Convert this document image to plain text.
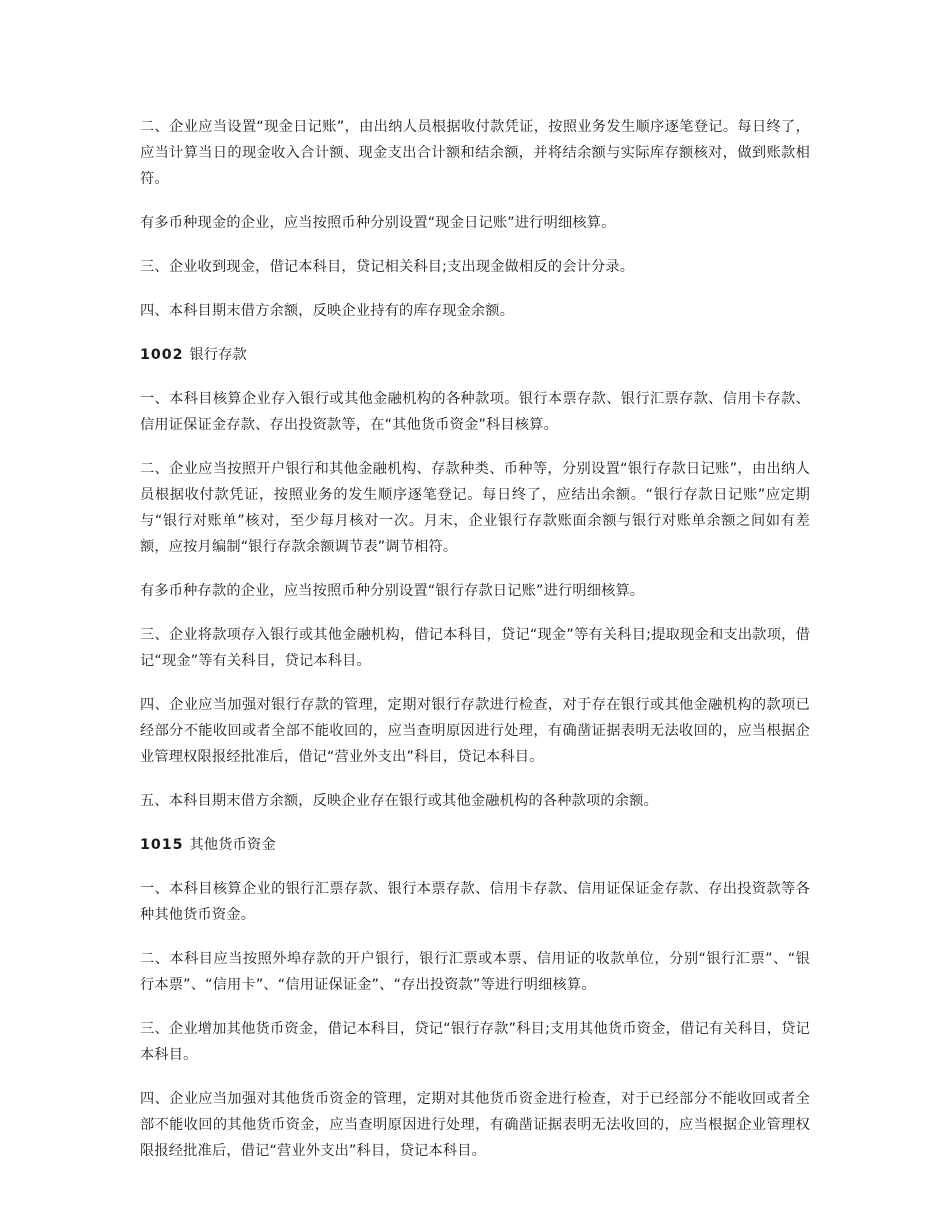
二、企业应当设置“现金日记账”，由出纳人员根据收付款凭证，按照业务发生顺序逐笔登记。每日终了，应当计算当日的现金收入合计额、现金支出合计额和结余额，并将结余额与实际库存额核对，做到账款相符。

有多币种现金的企业，应当按照币种分别设置“现金日记账”进行明细核算。

三、企业收到现金，借记本科目，贷记相关科目;支出现金做相反的会计分录。

四、本科目期末借方余额，反映企业持有的库存现金余额。

1002 银行存款

一、本科目核算企业存入银行或其他金融机构的各种款项。银行本票存款、银行汇票存款、信用卡存款、信用证保证金存款、存出投资款等，在“其他货币资金”科目核算。

二、企业应当按照开户银行和其他金融机构、存款种类、币种等，分别设置“银行存款日记账”，由出纳人员根据收付款凭证，按照业务的发生顺序逐笔登记。每日终了，应结出余额。“银行存款日记账”应定期与“银行对账单”核对，至少每月核对一次。月末，企业银行存款账面余额与银行对账单余额之间如有差额，应按月编制“银行存款余额调节表”调节相符。

有多币种存款的企业，应当按照币种分别设置“银行存款日记账”进行明细核算。

三、企业将款项存入银行或其他金融机构，借记本科目，贷记“现金”等有关科目;提取现金和支出款项，借记“现金”等有关科目，贷记本科目。

四、企业应当加强对银行存款的管理，定期对银行存款进行检查，对于存在银行或其他金融机构的款项已经部分不能收回或者全部不能收回的，应当查明原因进行处理，有确凿证据表明无法收回的，应当根据企业管理权限报经批准后，借记“营业外支出”科目，贷记本科目。

五、本科目期末借方余额，反映企业存在银行或其他金融机构的各种款项的余额。

1015 其他货币资金

一、本科目核算企业的银行汇票存款、银行本票存款、信用卡存款、信用证保证金存款、存出投资款等各种其他货币资金。

二、本科目应当按照外埠存款的开户银行，银行汇票或本票、信用证的收款单位，分别“银行汇票”、“银行本票”、“信用卡”、“信用证保证金”、“存出投资款”等进行明细核算。

三、企业增加其他货币资金，借记本科目，贷记“银行存款”科目;支用其他货币资金，借记有关科目，贷记本科目。

四、企业应当加强对其他货币资金的管理，定期对其他货币资金进行检查，对于已经部分不能收回或者全部不能收回的其他货币资金，应当查明原因进行处理，有确凿证据表明无法收回的，应当根据企业管理权限报经批准后，借记“营业外支出”科目，贷记本科目。
